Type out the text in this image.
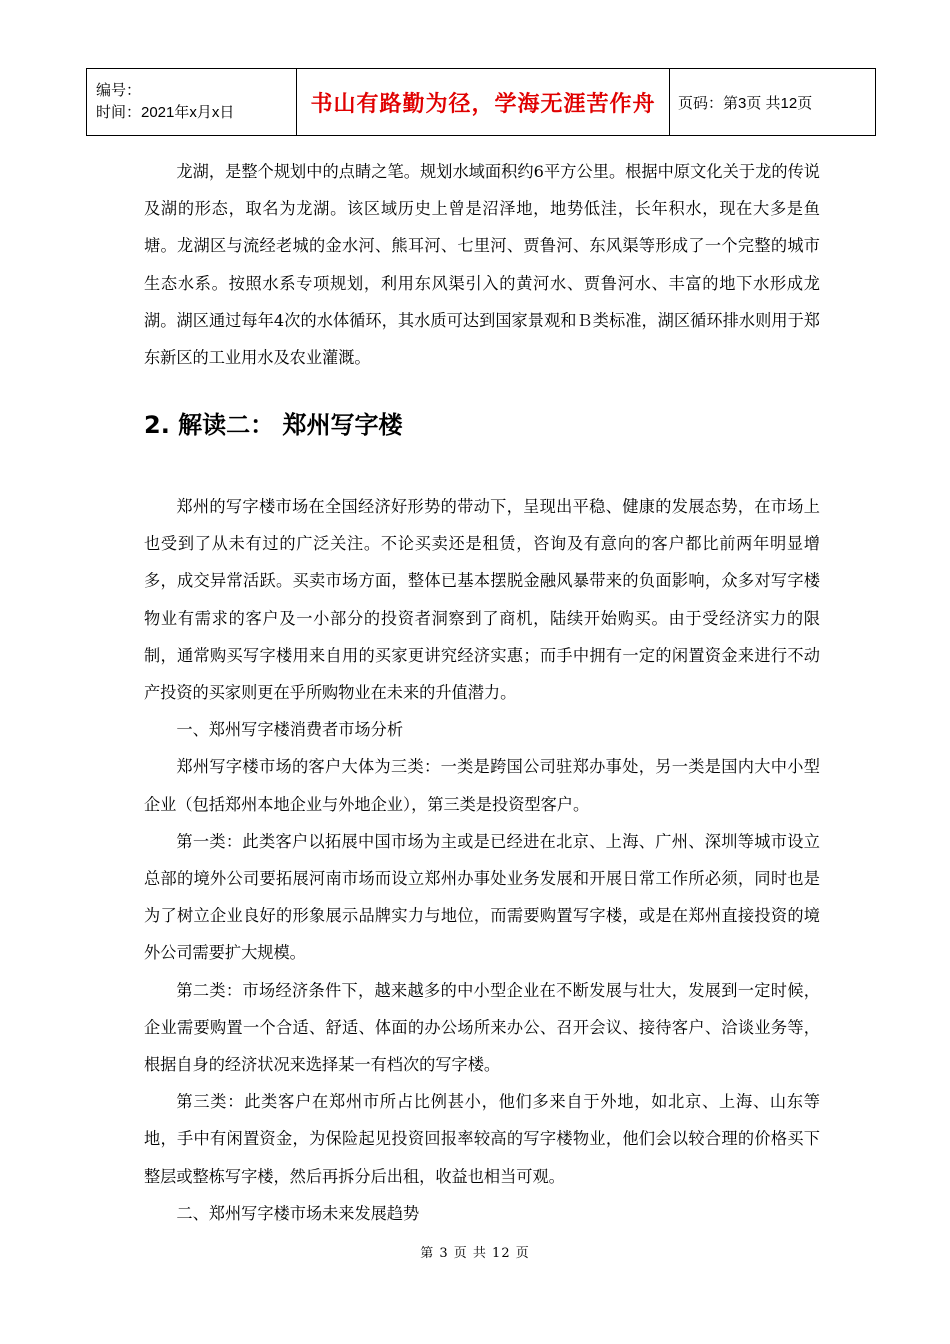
编号：
时间：2021年x月x日	书山有路勤为径，学海无涯苦作舟	页码：第3页 共12页

龙湖，是整个规划中的点睛之笔。规划水域面积约6平方公里。根据中原文化关于龙的传说及湖的形态，取名为龙湖。该区域历史上曾是沼泽地，地势低洼，长年积水，现在大多是鱼塘。龙湖区与流经老城的金水河、熊耳河、七里河、贾鲁河、东风渠等形成了一个完整的城市生态水系。按照水系专项规划，利用东风渠引入的黄河水、贾鲁河水、丰富的地下水形成龙湖。湖区通过每年4次的水体循环，其水质可达到国家景观和Ｂ类标准，湖区循环排水则用于郑东新区的工业用水及农业灌溉。

2. 解读二： 郑州写字楼

郑州的写字楼市场在全国经济好形势的带动下，呈现出平稳、健康的发展态势，在市场上也受到了从未有过的广泛关注。不论买卖还是租赁，咨询及有意向的客户都比前两年明显增多，成交异常活跃。买卖市场方面，整体已基本摆脱金融风暴带来的负面影响，众多对写字楼物业有需求的客户及一小部分的投资者洞察到了商机，陆续开始购买。由于受经济实力的限制，通常购买写字楼用来自用的买家更讲究经济实惠；而手中拥有一定的闲置资金来进行不动产投资的买家则更在乎所购物业在未来的升值潜力。

一、郑州写字楼消费者市场分析

郑州写字楼市场的客户大体为三类：一类是跨国公司驻郑办事处，另一类是国内大中小型企业（包括郑州本地企业与外地企业），第三类是投资型客户。

第一类：此类客户以拓展中国市场为主或是已经进在北京、上海、广州、深圳等城市设立总部的境外公司要拓展河南市场而设立郑州办事处业务发展和开展日常工作所必须，同时也是为了树立企业良好的形象展示品牌实力与地位，而需要购置写字楼，或是在郑州直接投资的境外公司需要扩大规模。

第二类：市场经济条件下，越来越多的中小型企业在不断发展与壮大，发展到一定时候，企业需要购置一个合适、舒适、体面的办公场所来办公、召开会议、接待客户、洽谈业务等，根据自身的经济状况来选择某一有档次的写字楼。

第三类：此类客户在郑州市所占比例甚小，他们多来自于外地，如北京、上海、山东等地，手中有闲置资金，为保险起见投资回报率较高的写字楼物业，他们会以较合理的价格买下整层或整栋写字楼，然后再拆分后出租，收益也相当可观。

二、郑州写字楼市场未来发展趋势

第 3 页 共 12 页
